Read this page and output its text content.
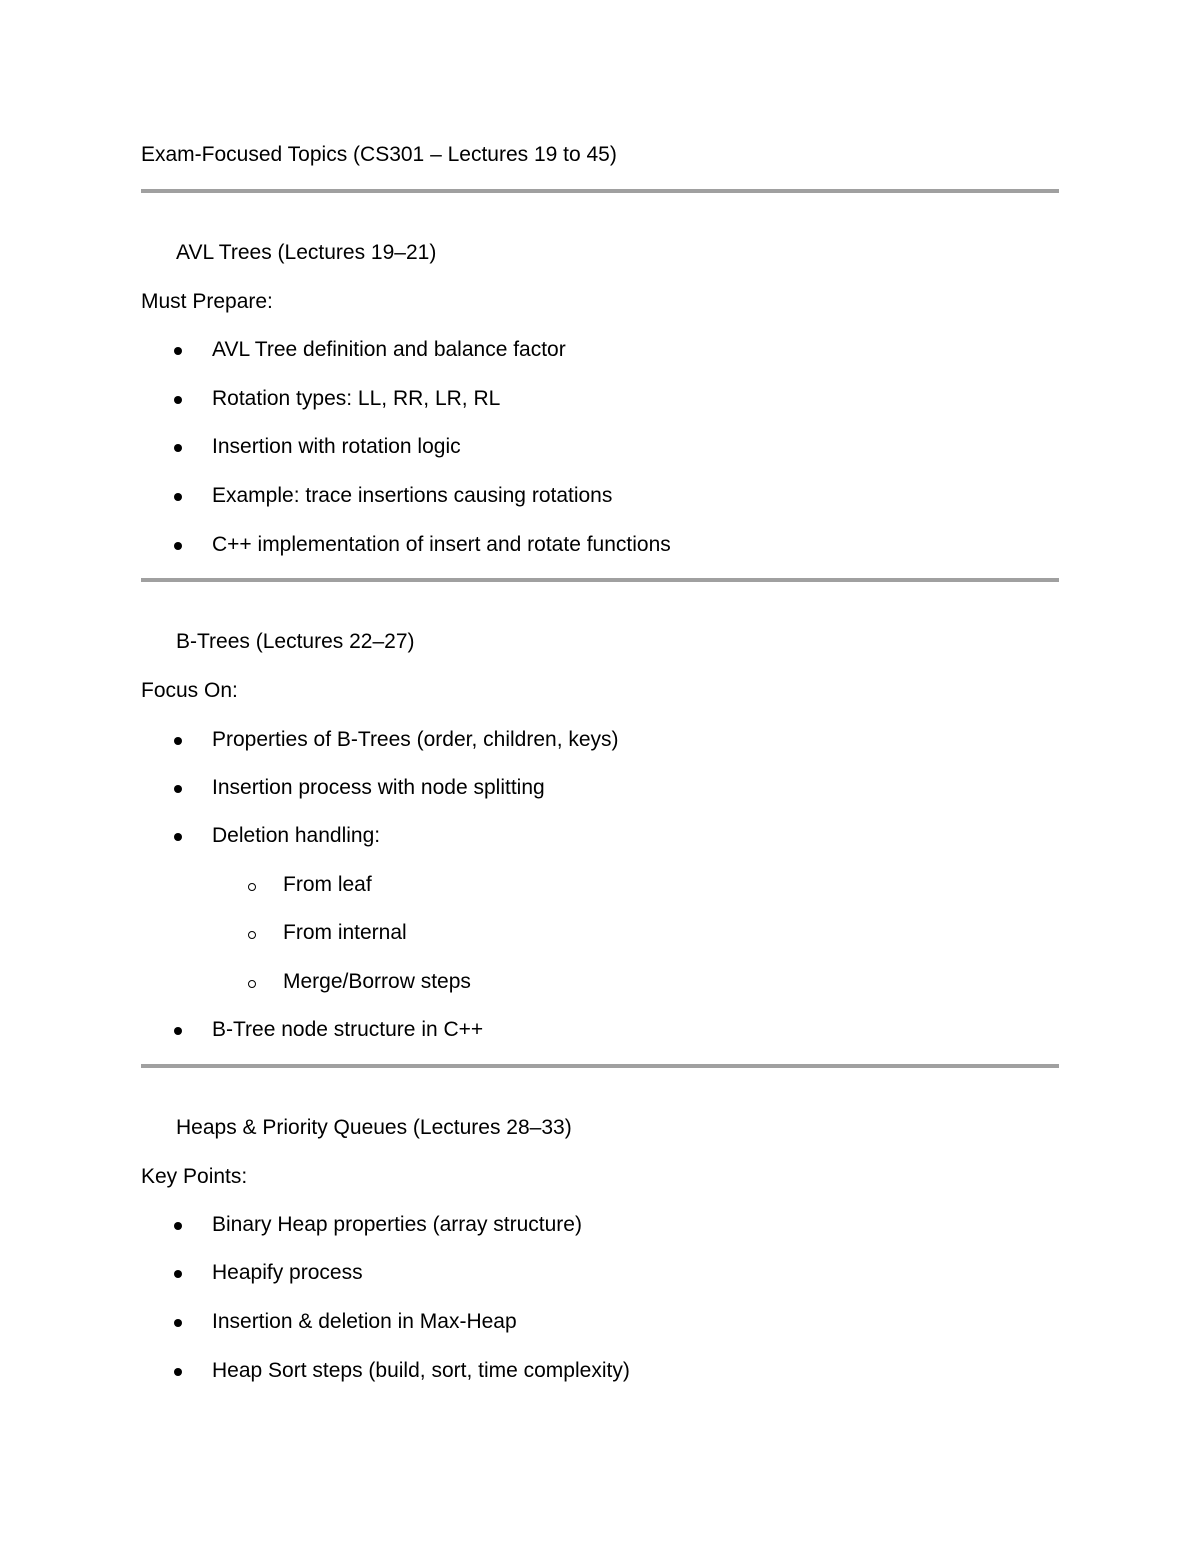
Exam-Focused Topics (CS301 – Lectures 19 to 45)
AVL Trees (Lectures 19–21)
Must Prepare:
AVL Tree definition and balance factor
Rotation types: LL, RR, LR, RL
Insertion with rotation logic
Example: trace insertions causing rotations
C++ implementation of insert and rotate functions
B-Trees (Lectures 22–27)
Focus On:
Properties of B-Trees (order, children, keys)
Insertion process with node splitting
Deletion handling:
From leaf
From internal
Merge/Borrow steps
B-Tree node structure in C++
Heaps & Priority Queues (Lectures 28–33)
Key Points:
Binary Heap properties (array structure)
Heapify process
Insertion & deletion in Max-Heap
Heap Sort steps (build, sort, time complexity)
